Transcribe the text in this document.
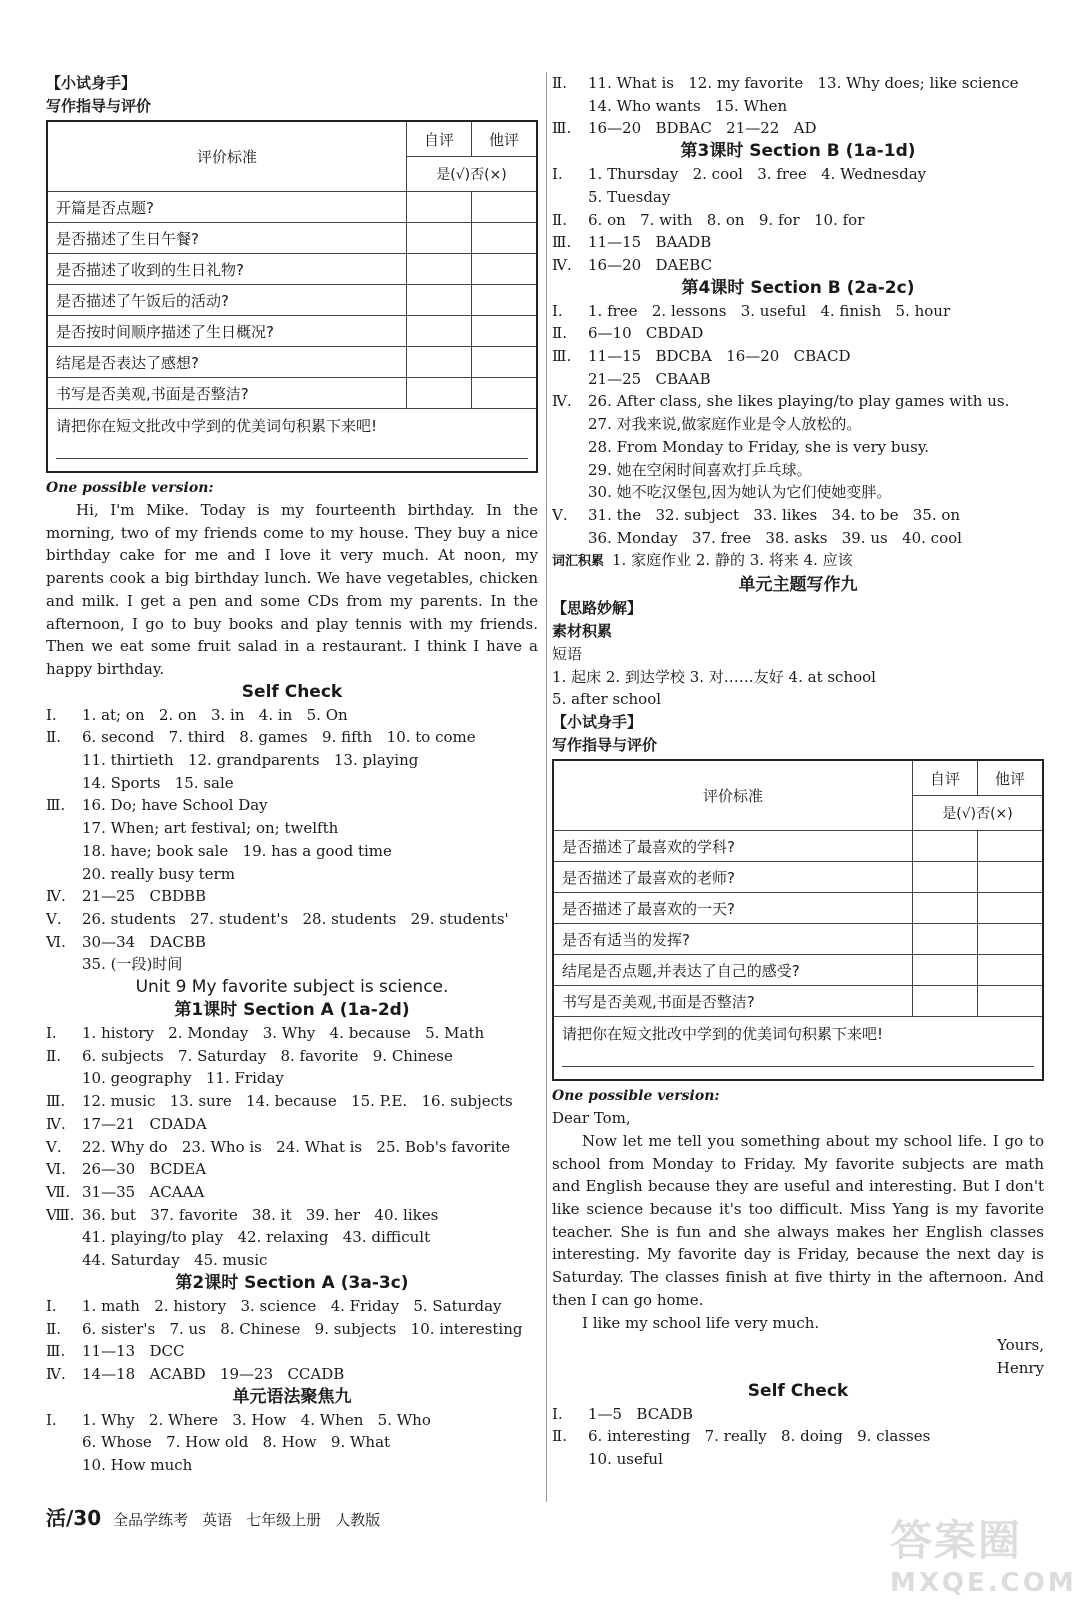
【小试身手】
写作指导与评价
评价标准	自评	他评
	是(√)否(×)	
开篇是否点题?		
是否描述了生日午餐?		
是否描述了收到的生日礼物?		
是否描述了午饭后的活动?		
是否按时间顺序描述了生日概况?		
结尾是否表达了感想?		
书写是否美观,书面是否整洁?		
请把你在短文批改中学到的优美词句积累下来吧!		
One possible version:

Hi, I'm Mike. Today is my fourteenth birthday. In the morning, two of my friends come to my house. They buy a nice birthday cake for me and I love it very much. At noon, my parents cook a big birthday lunch. We have vegetables, chicken and milk. I get a pen and some CDs from my parents. In the afternoon, I go to buy books and play tennis with my friends. Then we eat some fruit salad in a restaurant. I think I have a happy birthday.

Self Check
Ⅰ.	1. at; on   2. on   3. in   4. in   5. On
Ⅱ.	6. second   7. third   8. games   9. fifth   10. to come
11. thirtieth   12. grandparents   13. playing
14. Sports   15. sale
Ⅲ.	16. Do; have School Day
17. When; art festival; on; twelfth
18. have; book sale   19. has a good time
20. really busy term
Ⅳ.	21—25   CBDBB
Ⅴ.	26. students   27. student's   28. students   29. students'
Ⅵ.	30—34   DACBB
35. (一段)时间
Unit 9 My favorite subject is science.
第1课时 Section A (1a-2d)
Ⅰ.	1. history   2. Monday   3. Why   4. because   5. Math
Ⅱ.	6. subjects   7. Saturday   8. favorite   9. Chinese
10. geography   11. Friday
Ⅲ.	12. music   13. sure   14. because   15. P.E.   16. subjects
Ⅳ.	17—21   CDADA
Ⅴ.	22. Why do   23. Who is   24. What is   25. Bob's favorite
Ⅵ.	26—30   BCDEA
Ⅶ. 31—35   ACAAA
Ⅷ. 36. but   37. favorite   38. it   39. her   40. likes
41. playing/to play   42. relaxing   43. difficult
44. Saturday   45. music
第2课时 Section A (3a-3c)
Ⅰ.	1. math   2. history   3. science   4. Friday   5. Saturday
Ⅱ.	6. sister's   7. us   8. Chinese   9. subjects   10. interesting
Ⅲ.	11—13   DCC
Ⅳ.	14—18   ACABD   19—23   CCADB
单元语法聚焦九
Ⅰ.	1. Why   2. Where   3. How   4. When   5. Who
6. Whose   7. How old   8. How   9. What
10. How much
Ⅱ.	11. What is   12. my favorite   13. Why does; like science
14. Who wants   15. When
Ⅲ.	16—20   BDBAC   21—22   AD
第3课时 Section B (1a-1d)
Ⅰ.	1. Thursday   2. cool   3. free   4. Wednesday
5. Tuesday
Ⅱ.	6. on   7. with   8. on   9. for   10. for
Ⅲ.	11—15   BAADB
Ⅳ.	16—20   DAEBC
第4课时 Section B (2a-2c)
Ⅰ.	1. free   2. lessons   3. useful   4. finish   5. hour
Ⅱ.	6—10   CBDAD
Ⅲ.	11—15   BDCBA   16—20   CBACD
21—25   CBAAB
Ⅳ.	26. After class, she likes playing/to play games with us.
27. 对我来说,做家庭作业是令人放松的。
28. From Monday to Friday, she is very busy.
29. 她在空闲时间喜欢打乒乓球。
30. 她不吃汉堡包,因为她认为它们使她变胖。
Ⅴ.	31. the   32. subject   33. likes   34. to be   35. on
36. Monday   37. free   38. asks   39. us   40. cool
词汇积累 1. 家庭作业 2. 静的 3. 将来 4. 应该
单元主题写作九
【思路妙解】
素材积累
短语
1. 起床 2. 到达学校 3. 对……友好 4. at school
5. after school
【小试身手】
写作指导与评价
评价标准	自评	他评
	是(√)否(×)	
是否描述了最喜欢的学科?		
是否描述了最喜欢的老师?		
是否描述了最喜欢的一天?		
是否有适当的发挥?		
结尾是否点题,并表达了自己的感受?		
书写是否美观,书面是否整洁?		
请把你在短文批改中学到的优美词句积累下来吧!		
One possible version:

Dear Tom,

Now let me tell you something about my school life. I go to school from Monday to Friday. My favorite subjects are math and English because they are useful and interesting. But I don't like science because it's too difficult. Miss Yang is my favorite teacher. She is fun and she always makes her English classes interesting. My favorite day is Friday, because the next day is Saturday. The classes finish at five thirty in the afternoon. And then I can go home.

I like my school life very much.

Yours,

Henry

Self Check
Ⅰ.	1—5   BCADB
Ⅱ.	6. interesting   7. really   8. doing   9. classes
10. useful
活/30 全品学练考 英语 七年级上册 人教版	答案圈
MXQE.COM
